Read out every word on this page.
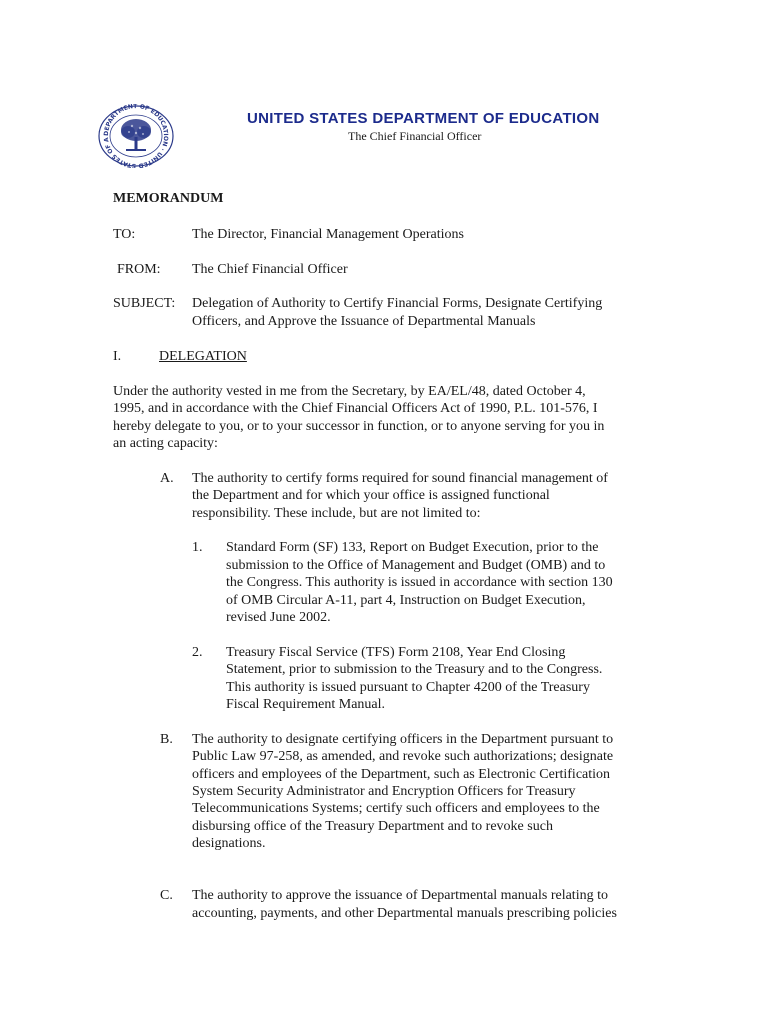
DEPARTMENT OF EDUCATION · UNITED STATES OF A
UNITED STATES DEPARTMENT OF EDUCATION
The Chief Financial Officer
MEMORANDUM
TO:	The Director, Financial Management Operations
FROM: The Chief Financial Officer
SUBJECT: Delegation of Authority to Certify Financial Forms, Designate Certifying
Officers, and Approve the Issuance of Departmental Manuals
I.	DELEGATION
Under the authority vested in me from the Secretary, by EA/EL/48, dated October 4,
1995, and in accordance with the Chief Financial Officers Act of 1990, P.L. 101-576, I
hereby delegate to you, or to your successor in function, or to anyone serving for you in
an acting capacity:
A. The authority to certify forms required for sound financial management of
the Department and for which your office is assigned functional
responsibility. These include, but are not limited to:
1. Standard Form (SF) 133, Report on Budget Execution, prior to the
submission to the Office of Management and Budget (OMB) and to
the Congress. This authority is issued in accordance with section 130
of OMB Circular A-11, part 4, Instruction on Budget Execution,
revised June 2002.
2. Treasury Fiscal Service (TFS) Form 2108, Year End Closing
Statement, prior to submission to the Treasury and to the Congress.
This authority is issued pursuant to Chapter 4200 of the Treasury
Fiscal Requirement Manual.
B. The authority to designate certifying officers in the Department pursuant to
Public Law 97-258, as amended, and revoke such authorizations; designate
officers and employees of the Department, such as Electronic Certification
System Security Administrator and Encryption Officers for Treasury
Telecommunications Systems; certify such officers and employees to the
disbursing office of the Treasury Department and to revoke such
designations.
C. The authority to approve the issuance of Departmental manuals relating to
accounting, payments, and other Departmental manuals prescribing policies
